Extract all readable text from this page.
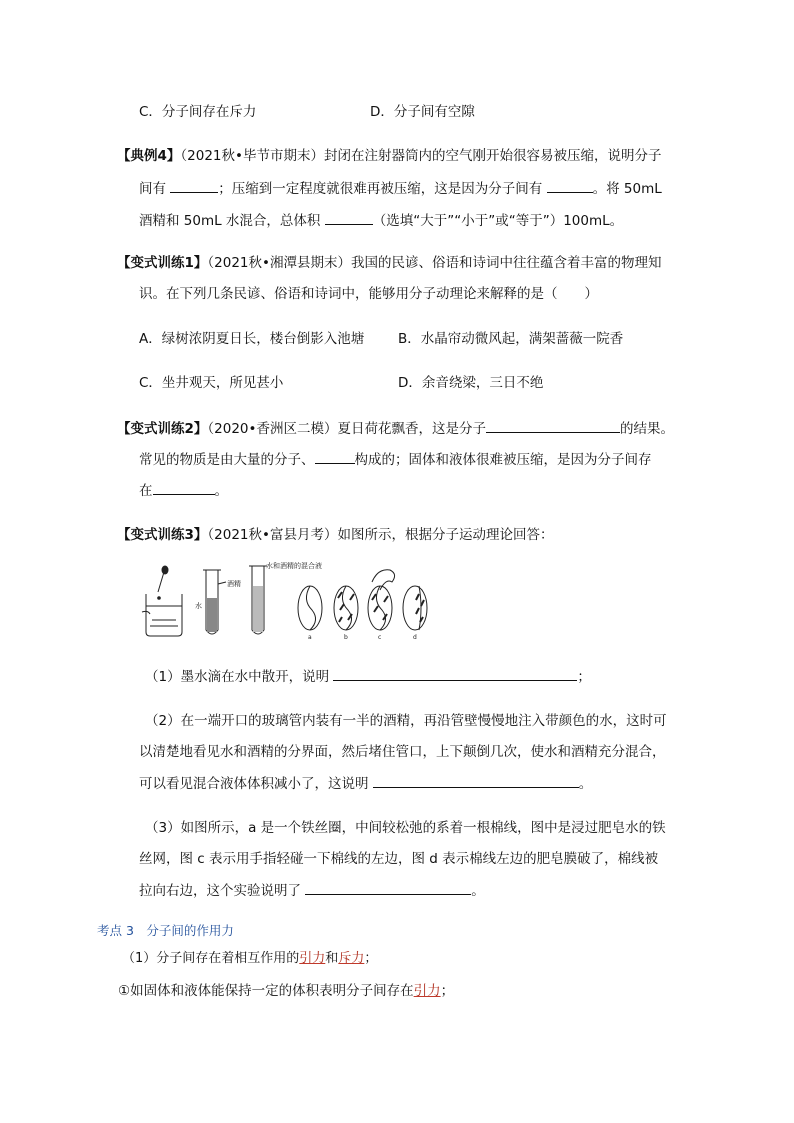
C．分子间存在斥力	D．分子间有空隙
【典例4】（2021秋•毕节市期末）封闭在注射器筒内的空气刚开始很容易被压缩，说明分子
间有	；压缩到一定程度就很难再被压缩，这是因为分子间有	。将 50mL
酒精和 50mL 水混合，总体积	（选填“大于”“小于”或“等于”）100mL。
【变式训练1】（2021秋•湘潭县期末）我国的民谚、俗语和诗词中往往蕴含着丰富的物理知
识。在下列几条民谚、俗语和诗词中，能够用分子动理论来解释的是（　　）
A．绿树浓阴夏日长，楼台倒影入池塘	B．水晶帘动微风起，满架蔷薇一院香
C．坐井观天，所见甚小	D．余音绕梁，三日不绝
【变式训练2】（2020•香洲区二模）夏日荷花飘香，这是分子	的结果。
常见的物质是由大量的分子、	构成的；固体和液体很难被压缩，是因为分子间存
在	。
【变式训练3】（2021秋•富县月考）如图所示，根据分子运动理论回答：
酒精
水
水和酒精的混合液
a	b	c	d
（1）墨水滴在水中散开，说明	；
（2）在一端开口的玻璃管内装有一半的酒精，再沿管壁慢慢地注入带颜色的水，这时可
以清楚地看见水和酒精的分界面，然后堵住管口，上下颠倒几次，使水和酒精充分混合，
可以看见混合液体体积减小了，这说明	。
（3）如图所示，a 是一个铁丝圈，中间较松弛的系着一根棉线，图中是浸过肥皂水的铁
丝网，图 c 表示用手指轻碰一下棉线的左边，图 d 表示棉线左边的肥皂膜破了，棉线被
拉向右边，这个实验说明了	。
考点 3　分子间的作用力
（1）分子间存在着相互作用的引力和斥力；
①如固体和液体能保持一定的体积表明分子间存在引力；
